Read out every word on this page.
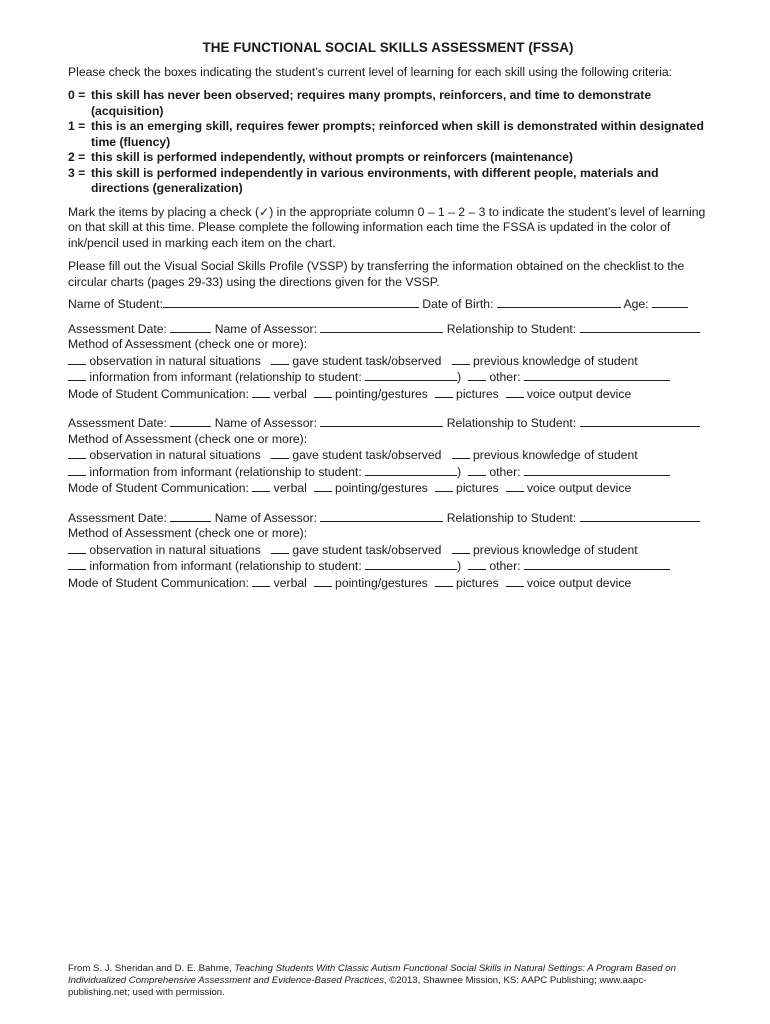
THE FUNCTIONAL SOCIAL SKILLS ASSESSMENT (FSSA)
Please check the boxes indicating the student’s current level of learning for each skill using the following criteria:
0 = this skill has never been observed; requires many prompts, reinforcers, and time to demonstrate (acquisition)
1 = this is an emerging skill, requires fewer prompts; reinforced when skill is demonstrated within designated time (fluency)
2 = this skill is performed independently, without prompts or reinforcers (maintenance)
3 = this skill is performed independently in various environments, with different people, materials and directions (generalization)
Mark the items by placing a check (✓) in the appropriate column 0 – 1 – 2 – 3 to indicate the student’s level of learning on that skill at this time. Please complete the following information each time the FSSA is updated in the color of ink/pencil used in marking each item on the chart.
Please fill out the Visual Social Skills Profile (VSSP) by transferring the information obtained on the checklist to the circular charts (pages 29-33) using the directions given for the VSSP.
Name of Student:	Date of Birth:	Age:
Assessment Date:	Name of Assessor:	Relationship to Student:
Method of Assessment (check one or more):
observation in natural situations	gave student task/observed	previous knowledge of student
information from informant (relationship to student:	) other:
Mode of Student Communication: verbal pointing/gestures pictures voice output device
Assessment Date:	Name of Assessor:	Relationship to Student:
Method of Assessment (check one or more):
observation in natural situations	gave student task/observed	previous knowledge of student
information from informant (relationship to student:	) other:
Mode of Student Communication: verbal pointing/gestures pictures voice output device
Assessment Date:	Name of Assessor:	Relationship to Student:
Method of Assessment (check one or more):
observation in natural situations	gave student task/observed	previous knowledge of student
information from informant (relationship to student:	) other:
Mode of Student Communication: verbal pointing/gestures pictures voice output device
From S. J. Sheridan and D. E. Bahme, Teaching Students With Classic Autism Functional Social Skills in Natural Settings: A Program Based on Individualized Comprehensive Assessment and Evidence-Based Practices, ©2013, Shawnee Mission, KS: AAPC Publishing; www.aapc-publishing.net; used with permission.
